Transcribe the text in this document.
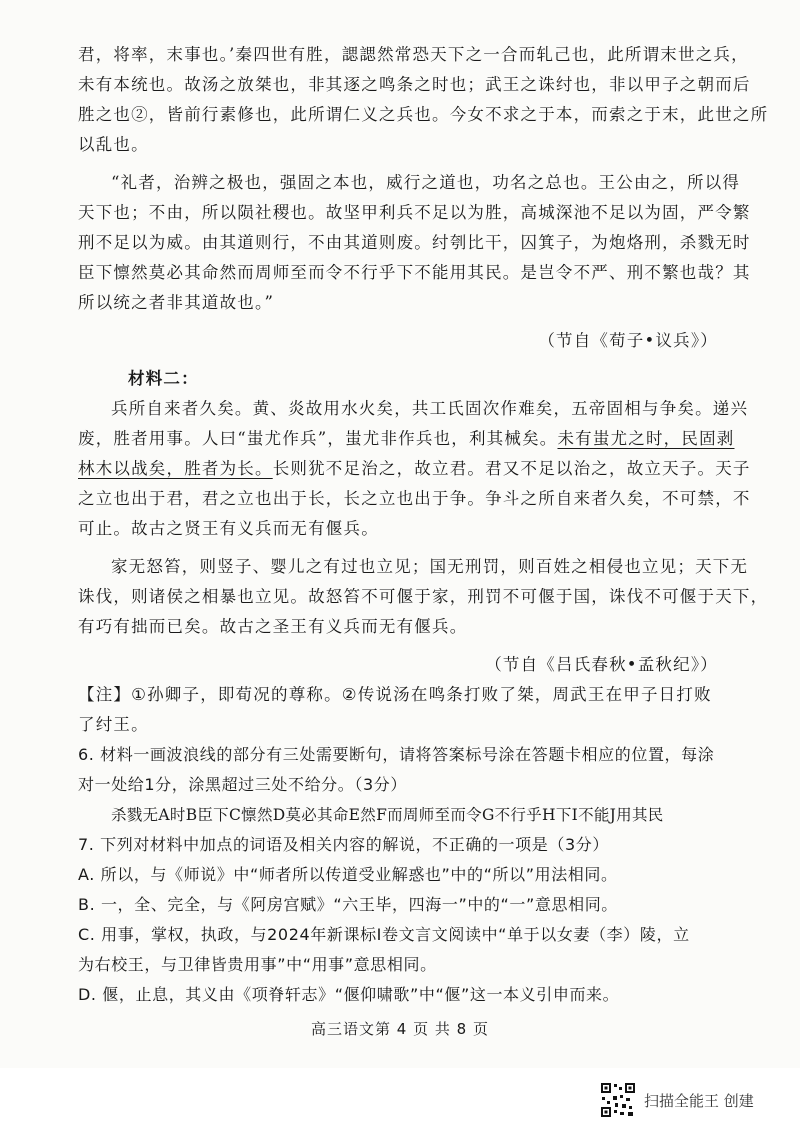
君，将率，末事也。’秦四世有胜，諰諰然常恐天下之一合而轧己也，此所谓末世之兵，
未有本统也。故汤之放桀也，非其逐之鸣条之时也；武王之诛纣也，非以甲子之朝而后
胜之也②，皆前行素修也，此所谓仁义之兵也。今女不求之于本，而索之于末，此世之所
以乱也。
“礼者，治辨之极也，强固之本也，威行之道也，功名之总也。王公由之，所以得
天下也；不由，所以陨社稷也。故坚甲利兵不足以为胜，高城深池不足以为固，严令繁
刑不足以为威。由其道则行，不由其道则废。纣刳比干，囚箕子，为炮烙刑，杀戮无时
臣下懔然莫必其命然而周师至而令不行乎下不能用其民。是岂令不严、刑不繁也哉？其
所以统之者非其道故也。”
（节自《荀子•议兵》）
材料二：
兵所自来者久矣。黄、炎故用水火矣，共工氏固次作难矣，五帝固相与争矣。递兴
废，胜者用事。人曰“蚩尤作兵”，蚩尤非作兵也，利其械矣。未有蚩尤之时，民固剥
林木以战矣，胜者为长。长则犹不足治之，故立君。君又不足以治之，故立天子。天子
之立也出于君，君之立也出于长，长之立也出于争。争斗之所自来者久矣，不可禁，不
可止。故古之贤王有义兵而无有偃兵。
家无怒笞，则竖子、婴儿之有过也立见；国无刑罚，则百姓之相侵也立见；天下无
诛伐，则诸侯之相暴也立见。故怒笞不可偃于家，刑罚不可偃于国，诛伐不可偃于天下，
有巧有拙而已矣。故古之圣王有义兵而无有偃兵。
（节自《吕氏春秋•孟秋纪》）
【注】①孙卿子，即荀况的尊称。②传说汤在鸣条打败了桀，周武王在甲子日打败
了纣王。
6. 材料一画波浪线的部分有三处需要断句，请将答案标号涂在答题卡相应的位置，每涂
对一处给1分，涂黑超过三处不给分。（3分）
杀戮无A时B臣下C懔然D莫必其命E然F而周师至而令G不行乎H下I不能J用其民
7. 下列对材料中加点的词语及相关内容的解说，不正确的一项是（3分）
A. 所以，与《师说》中“师者所以传道受业解惑也”中的“所以”用法相同。
B. 一，全、完全，与《阿房宫赋》“六王毕，四海一”中的“一”意思相同。
C. 用事，掌权，执政，与2024年新课标Ⅰ卷文言文阅读中“单于以女妻（李）陵，立
为右校王，与卫律皆贵用事”中“用事”意思相同。
D. 偃，止息，其义由《项脊轩志》“偃仰啸歌”中“偃”这一本义引申而来。
高三语文第 4 页 共 8 页
扫描全能王 创建
